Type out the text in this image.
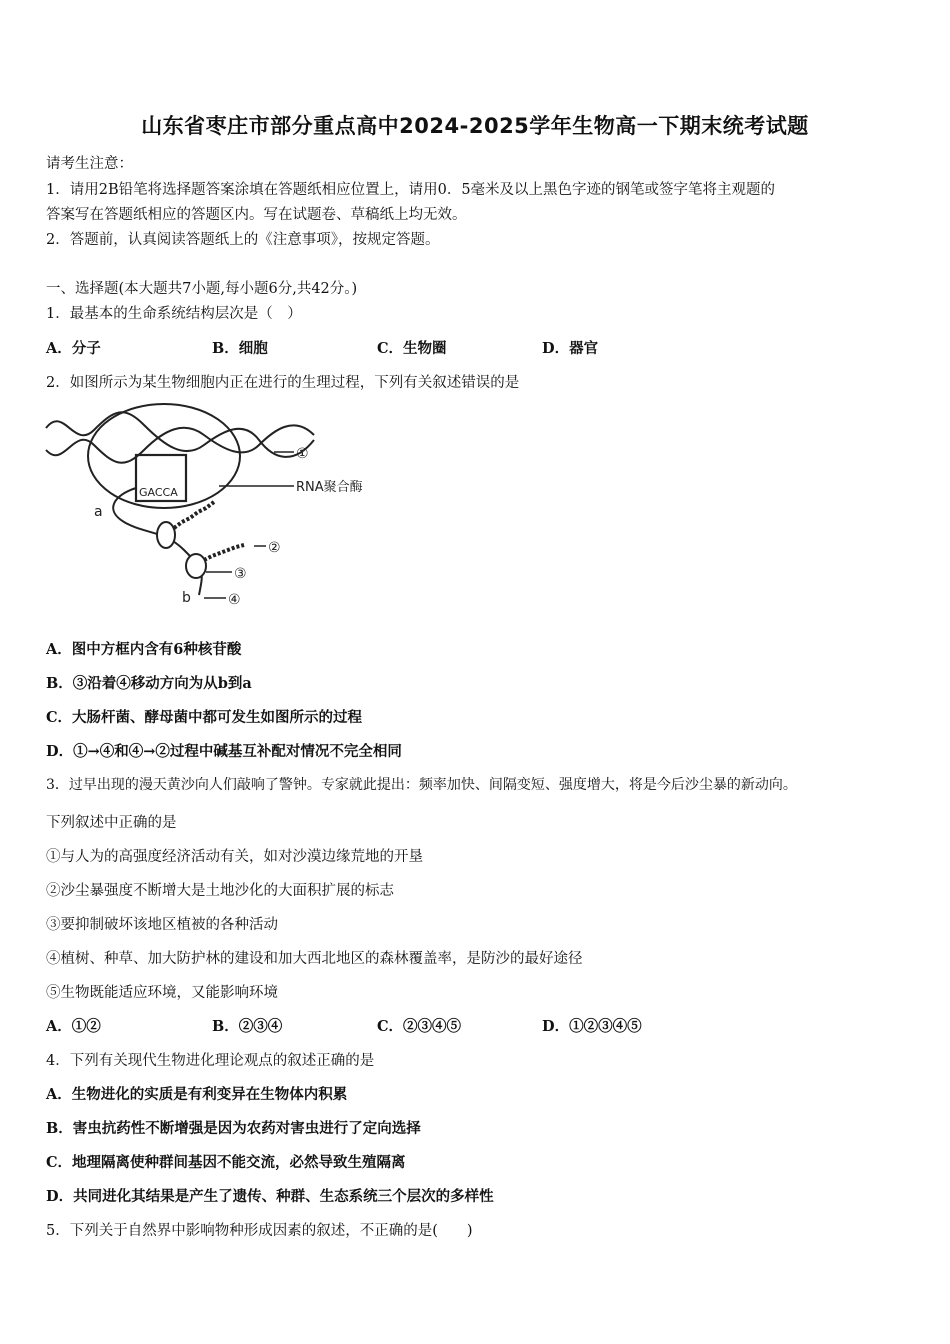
山东省枣庄市部分重点高中2024-2025学年生物高一下期末统考试题
请考生注意：
1．请用2B铅笔将选择题答案涂填在答题纸相应位置上，请用0．5毫米及以上黑色字迹的钢笔或签字笔将主观题的
答案写在答题纸相应的答题区内。写在试题卷、草稿纸上均无效。
2．答题前，认真阅读答题纸上的《注意事项》，按规定答题。
一、选择题(本大题共7小题,每小题6分,共42分。)
1．最基本的生命系统结构层次是（　）
A．分子	B．细胞	C．生物圈	D．器官
2．如图所示为某生物细胞内正在进行的生理过程，下列有关叙述错误的是
GACCA
①
RNA聚合酶
a
②
③
b	④
A．图中方框内含有6种核苷酸
B．③沿着④移动方向为从b到a
C．大肠杆菌、酵母菌中都可发生如图所示的过程
D．①→④和④→②过程中碱基互补配对情况不完全相同
3．过早出现的漫天黄沙向人们敲响了警钟。专家就此提出：频率加快、间隔变短、强度增大，将是今后沙尘暴的新动向。
下列叙述中正确的是
①与人为的高强度经济活动有关，如对沙漠边缘荒地的开垦
②沙尘暴强度不断增大是土地沙化的大面积扩展的标志
③要抑制破坏该地区植被的各种活动
④植树、种草、加大防护林的建设和加大西北地区的森林覆盖率，是防沙的最好途径
⑤生物既能适应环境，又能影响环境
A．①②	B．②③④	C．②③④⑤	D．①②③④⑤
4．下列有关现代生物进化理论观点的叙述正确的是
A．生物进化的实质是有利变异在生物体内积累
B．害虫抗药性不断增强是因为农药对害虫进行了定向选择
C．地理隔离使种群间基因不能交流，必然导致生殖隔离
D．共同进化其结果是产生了遗传、种群、生态系统三个层次的多样性
5．下列关于自然界中影响物种形成因素的叙述，不正确的是(　　)
